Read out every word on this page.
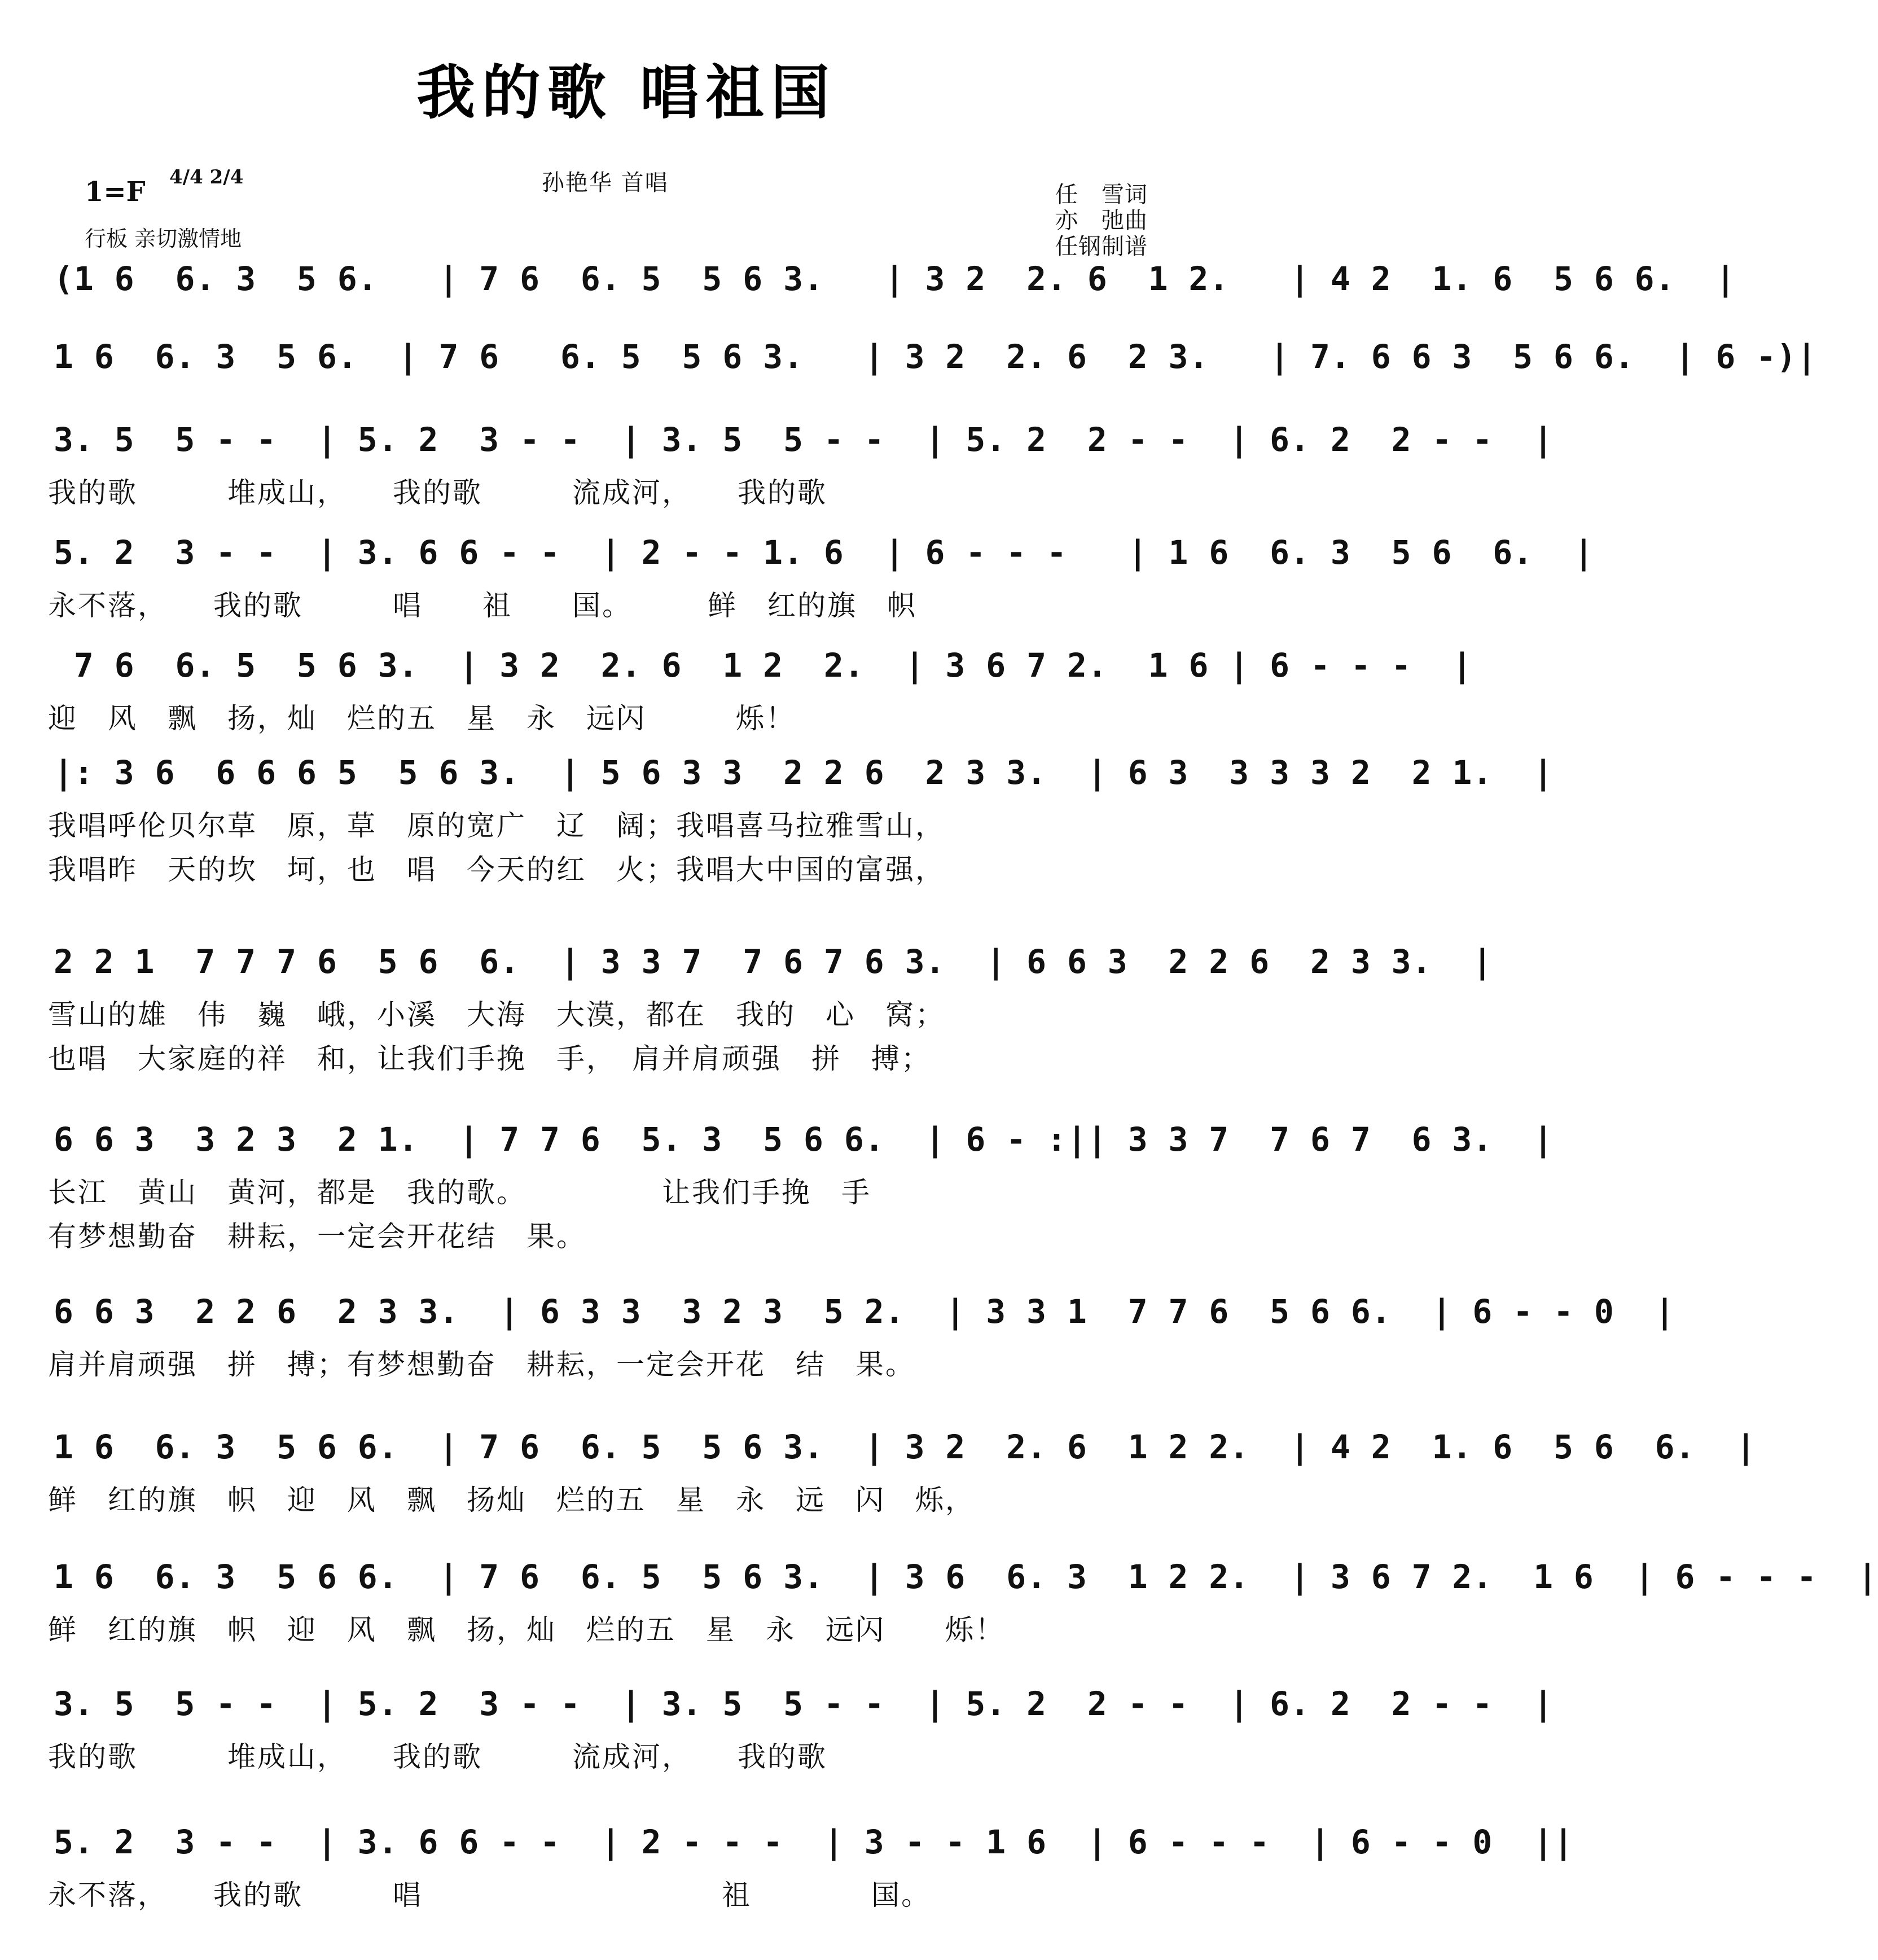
我的歌 唱祖国
1=F 4/4 2/4
行板 亲切激情地
孙艳华 首唱	任　雪词
亦　弛曲
任钢制谱
(1 6  6. 3  5 6.   | 7 6  6. 5  5 6 3.   | 3 2  2. 6  1 2.   | 4 2  1. 6  5 6 6.  |
1 6  6. 3  5 6.  | 7 6   6. 5  5 6 3.   | 3 2  2. 6  2 3.   | 7. 6 6 3  5 6 6.  | 6 -)|
3. 5  5 - -  | 5. 2  3 - -  | 3. 5  5 - -  | 5. 2  2 - -  | 6. 2  2 - -  |
我的歌　　　堆成山，　　我的歌　　　流成河，　　我的歌
5. 2  3 - -  | 3. 6 6 - -  | 2 - - 1. 6  | 6 - - -   | 1 6  6. 3  5 6  6.  |
永不落，　　我的歌　　　唱　　祖　　国。　　　鲜　红的旗　帜
7 6  6. 5  5 6 3.  | 3 2  2. 6  1 2  2.  | 3 6 7 2.  1 6 | 6 - - -  |
迎　风　飘　扬，灿　烂的五　星　永　远闪　　　烁！
|: 3 6  6 6 6 5  5 6 3.  | 5 6 3 3  2 2 6  2 3 3.  | 6 3  3 3 3 2  2 1.  |
我唱呼伦贝尔草　原，草　原的宽广　辽　阔；我唱喜马拉雅雪山，
我唱昨　天的坎　坷，也　唱　今天的红　火；我唱大中国的富强，
2 2 1  7 7 7 6  5 6  6.  | 3 3 7  7 6 7 6 3.  | 6 6 3  2 2 6  2 3 3.  |
雪山的雄　伟　巍　峨，小溪　大海　大漠，都在　我的　心　窝；
也唱　大家庭的祥　和，让我们手挽　手，　肩并肩顽强　拼　搏；
6 6 3  3 2 3  2 1.  | 7 7 6  5. 3  5 6 6.  | 6 - :|| 3 3 7  7 6 7  6 3.  |
长江　黄山　黄河，都是　我的歌。　　　　　让我们手挽　手
有梦想勤奋　耕耘，一定会开花结　果。
6 6 3  2 2 6  2 3 3.  | 6 3 3  3 2 3  5 2.  | 3 3 1  7 7 6  5 6 6.  | 6 - - 0  |
肩并肩顽强　拼　搏；有梦想勤奋　耕耘，一定会开花　结　果。
1 6  6. 3  5 6 6.  | 7 6  6. 5  5 6 3.  | 3 2  2. 6  1 2 2.  | 4 2  1. 6  5 6  6.  |
鲜　红的旗　帜　迎　风　飘　扬灿　烂的五　星　永　远　闪　烁，
1 6  6. 3  5 6 6.  | 7 6  6. 5  5 6 3.  | 3 6  6. 3  1 2 2.  | 3 6 7 2.  1 6  | 6 - - -  |
鲜　红的旗　帜　迎　风　飘　扬，灿　烂的五　星　永　远闪　　烁！
3. 5  5 - -  | 5. 2  3 - -  | 3. 5  5 - -  | 5. 2  2 - -  | 6. 2  2 - -  |
我的歌　　　堆成山，　　我的歌　　　流成河，　　我的歌
5. 2  3 - -  | 3. 6 6 - -  | 2 - - -  | 3 - - 1 6  | 6 - - -  | 6 - - 0  ||
永不落，　　我的歌　　　唱　　　　　　　　　　祖　　　　国。
